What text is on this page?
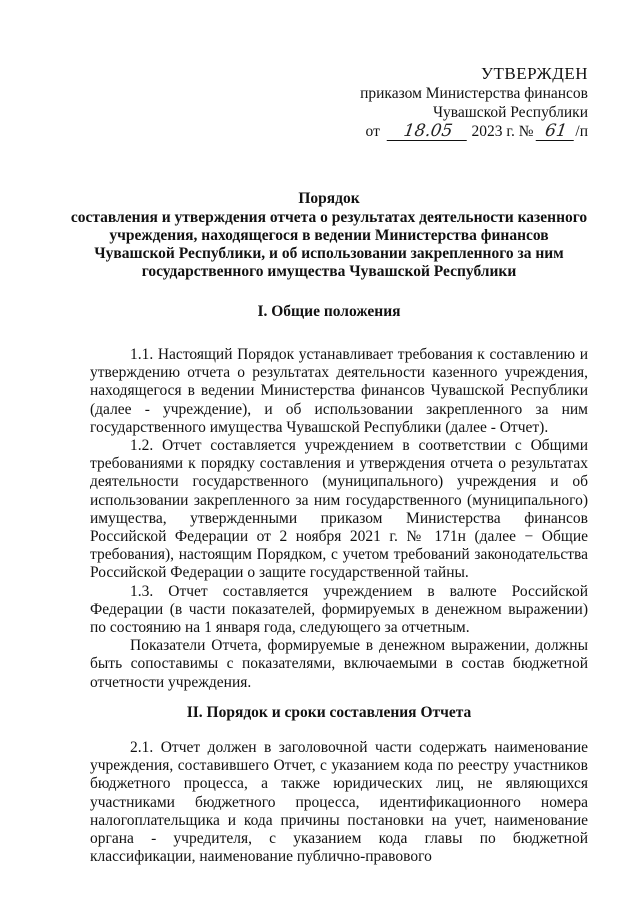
УТВЕРЖДЕН
приказом Министерства финансов
Чувашской Республики
от
	18.05
	2023 г. №
61 /п
Порядок
составления и утверждения отчета о результатах деятельности казенного учреждения, находящегося в ведении Министерства финансов Чувашской Республики, и об использовании закрепленного за ним государственного имущества Чувашской Республики
I. Общие положения

1.1. Настоящий Порядок устанавливает требования к составлению и утверждению отчета о результатах деятельности казенного учреждения, находящегося в ведении Министерства финансов Чувашской Республики (далее - учреждение), и об использовании закрепленного за ним государственного имущества Чувашской Республики (далее - Отчет).

1.2. Отчет составляется учреждением в соответствии с Общими требованиями к порядку составления и утверждения отчета о результатах деятельности государственного (муниципального) учреждения и об использовании закрепленного за ним государственного (муниципального) имущества, утвержденными приказом Министерства финансов Российской Федерации от 2 ноября 2021 г. № 171н (далее − Общие требования), настоящим Порядком, с учетом требований законодательства Российской Федерации о защите государственной тайны.

1.3. Отчет составляется учреждением в валюте Российской Федерации (в части показателей, формируемых в денежном выражении) по состоянию на 1 января года, следующего за отчетным.

Показатели Отчета, формируемые в денежном выражении, должны быть сопоставимы с показателями, включаемыми в состав бюджетной отчетности учреждения.

II. Порядок и сроки составления Отчета

2.1. Отчет должен в заголовочной части содержать наименование учреждения, составившего Отчет, с указанием кода по реестру участников бюджетного процесса, а также юридических лиц, не являющихся участниками бюджетного процесса, идентификационного номера налогоплательщика и кода причины постановки на учет, наименование органа - учредителя, с указанием кода главы по бюджетной классификации, наименование публично-правового
